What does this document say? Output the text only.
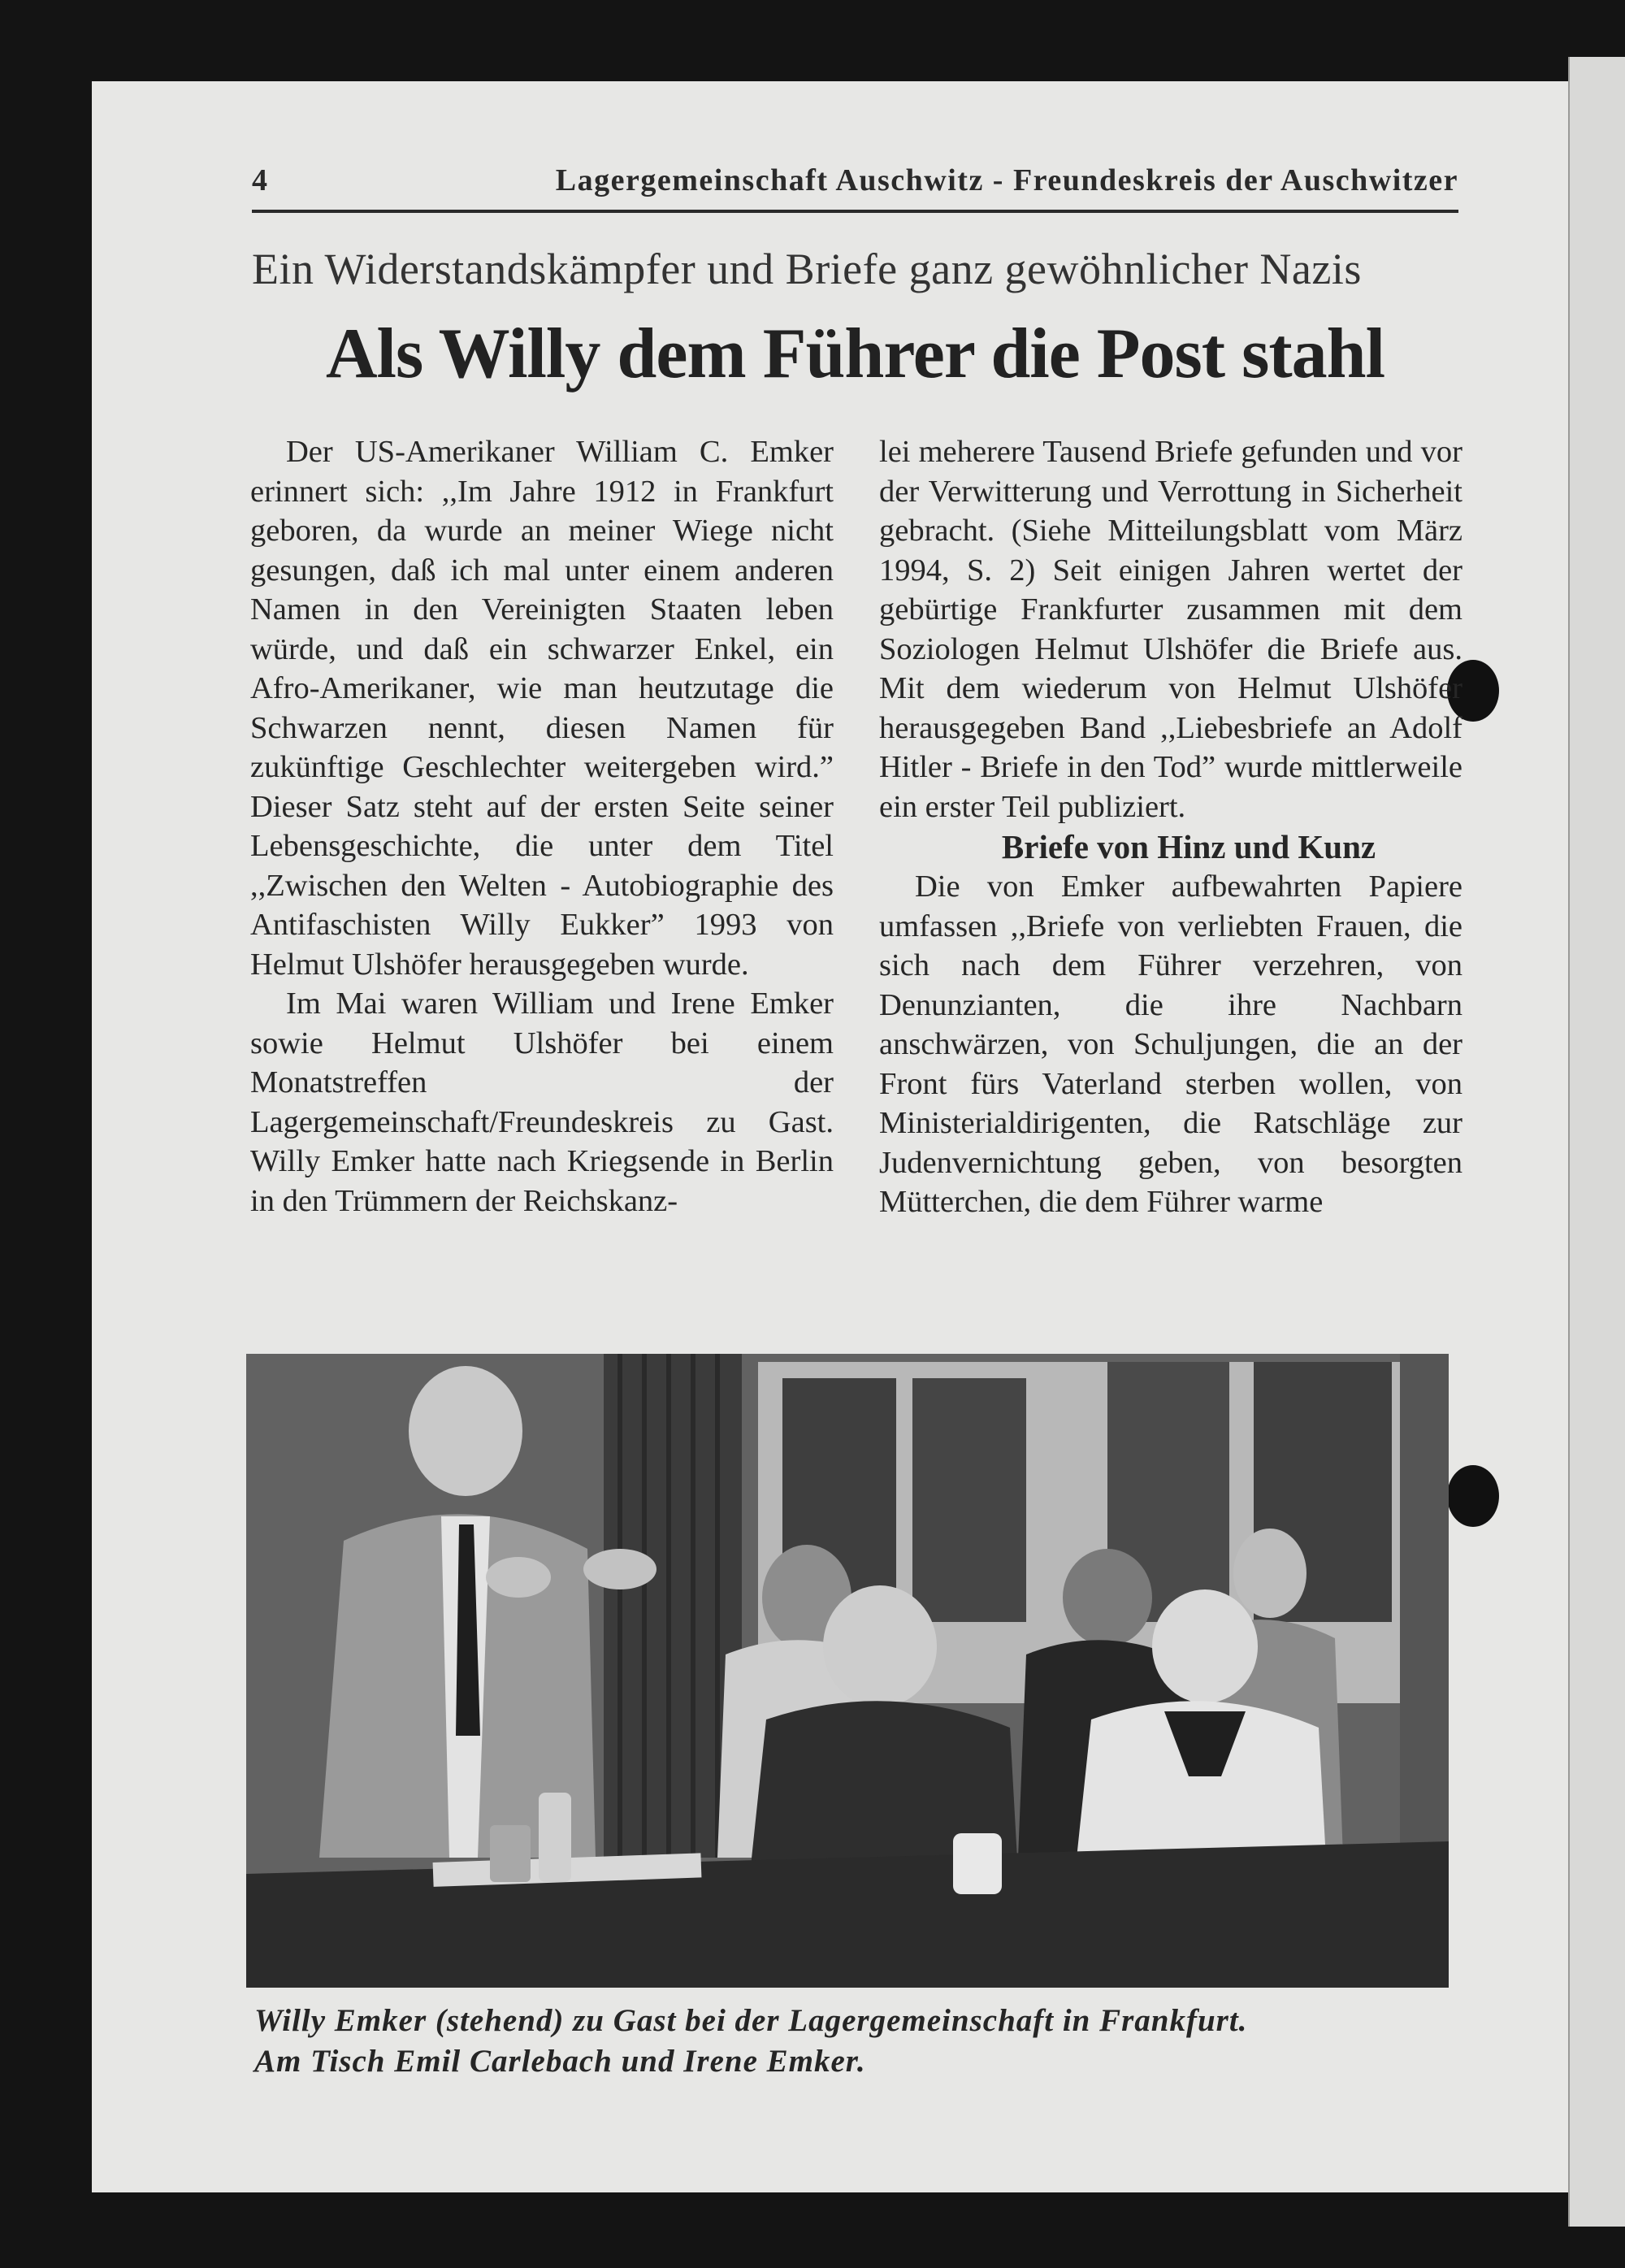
4	Lagergemeinschaft Auschwitz - Freundeskreis der Auschwitzer
Ein Widerstandskämpfer und Briefe ganz gewöhnlicher Nazis
Als Willy dem Führer die Post stahl

Der US-Amerikaner William C. Emker erinnert sich: ,,Im Jahre 1912 in Frankfurt geboren, da wurde an meiner Wiege nicht gesungen, daß ich mal unter einem anderen Namen in den Vereinigten Staaten leben würde, und daß ein schwarzer Enkel, ein Afro-Amerikaner, wie man heutzutage die Schwarzen nennt, diesen Namen für zukünftige Geschlechter weitergeben wird.” Dieser Satz steht auf der ersten Seite seiner Lebensgeschichte, die unter dem Titel ,,Zwischen den Welten - Autobiographie des Antifaschisten Willy Eukker” 1993 von Helmut Ulshöfer herausgegeben wurde.

Im Mai waren William und Irene Emker sowie Helmut Ulshöfer bei einem Monatstreffen der Lagergemeinschaft/Freundeskreis zu Gast. Willy Emker hatte nach Kriegsende in Berlin in den Trümmern der Reichskanz-

lei meherere Tausend Briefe gefunden und vor der Verwitterung und Verrottung in Sicherheit gebracht. (Siehe Mitteilungsblatt vom März 1994, S. 2) Seit einigen Jahren wertet der gebürtige Frankfurter zusammen mit dem Soziologen Helmut Ulshöfer die Briefe aus. Mit dem wiederum von Helmut Ulshöfer herausgegeben Band ,,Liebesbriefe an Adolf Hitler - Briefe in den Tod” wurde mittlerweile ein erster Teil publiziert.

Briefe von Hinz und Kunz

Die von Emker aufbewahrten Papiere umfassen ,,Briefe von verliebten Frauen, die sich nach dem Führer verzehren, von Denunzianten, die ihre Nachbarn anschwärzen, von Schuljungen, die an der Front fürs Vaterland sterben wollen, von Ministerialdirigenten, die Ratschläge zur Judenvernichtung geben, von besorgten Mütterchen, die dem Führer warme

Willy Emker (stehend) zu Gast bei der Lagergemeinschaft in Frankfurt.
Am Tisch Emil Carlebach und Irene Emker.
